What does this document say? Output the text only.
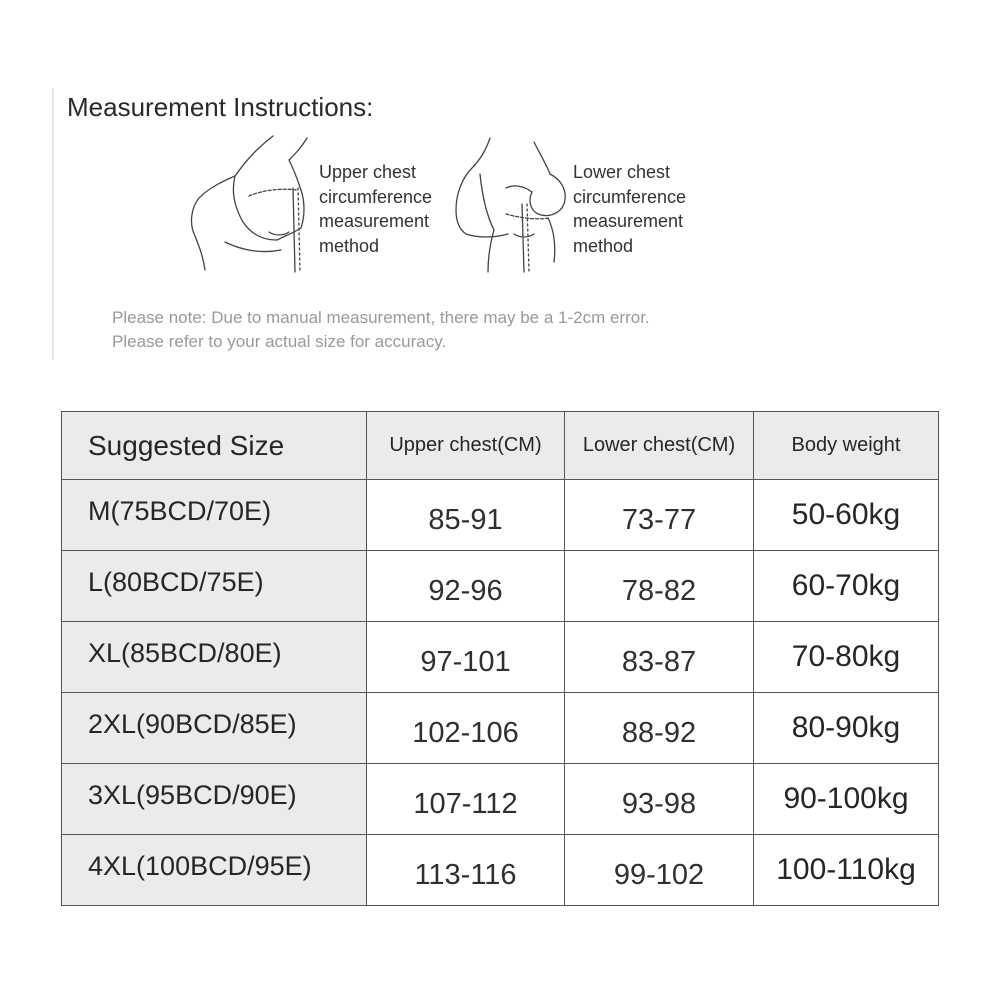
Measurement Instructions:
Upper chest
circumference
measurement
method
Lower chest
circumference
measurement
method
Please note: Due to manual measurement, there may be a 1-2cm error.
Please refer to your actual size for accuracy.
Suggested Size	Upper chest(CM)	Lower chest(CM)	Body weight
M(75BCD/70E)	85-91	73-77	50-60kg
L(80BCD/75E)	92-96	78-82	60-70kg
XL(85BCD/80E)	97-101	83-87	70-80kg
2XL(90BCD/85E)	102-106	88-92	80-90kg
3XL(95BCD/90E)	107-112	93-98	90-100kg
4XL(100BCD/95E)	113-116	99-102	100-110kg
